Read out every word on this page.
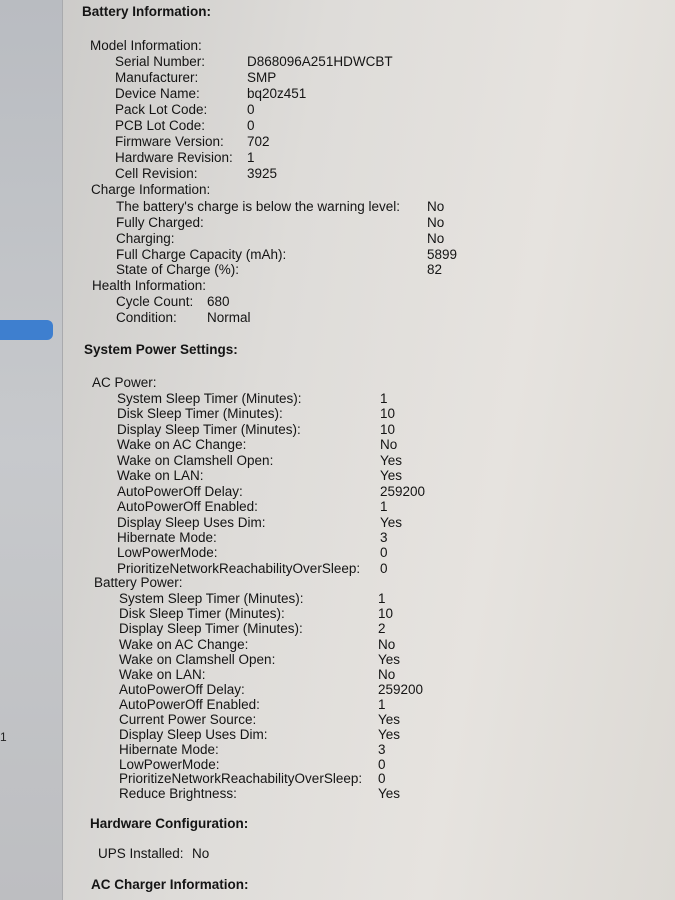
1
Battery Information:
Model Information:
Serial Number:	D868096A251HDWCBT
Manufacturer:	SMP
Device Name:	bq20z451
Pack Lot Code:	0
PCB Lot Code:	0
Firmware Version: 702
Hardware Revision: 1
Cell Revision:	3925
Charge Information:
The battery's charge is below the warning level: No
Fully Charged:	No
Charging:	No
Full Charge Capacity (mAh):	5899
State of Charge (%):	82
Health Information:
Cycle Count: 680
Condition: Normal
System Power Settings:
AC Power:
System Sleep Timer (Minutes):	1
Disk Sleep Timer (Minutes):	10
Display Sleep Timer (Minutes):	10
Wake on AC Change:	No
Wake on Clamshell Open:	Yes
Wake on LAN:	Yes
AutoPowerOff Delay:	259200
AutoPowerOff Enabled:	1
Display Sleep Uses Dim:	Yes
Hibernate Mode:	3
LowPowerMode:	0
PrioritizeNetworkReachabilityOverSleep: 0
Battery Power:
System Sleep Timer (Minutes):	1
Disk Sleep Timer (Minutes):	10
Display Sleep Timer (Minutes):	2
Wake on AC Change:	No
Wake on Clamshell Open:	Yes
Wake on LAN:	No
AutoPowerOff Delay:	259200
AutoPowerOff Enabled:	1
Current Power Source:	Yes
Display Sleep Uses Dim:	Yes
Hibernate Mode:	3
LowPowerMode:	0
PrioritizeNetworkReachabilityOverSleep: 0
Reduce Brightness:	Yes
Hardware Configuration:
UPS Installed: No
AC Charger Information:
